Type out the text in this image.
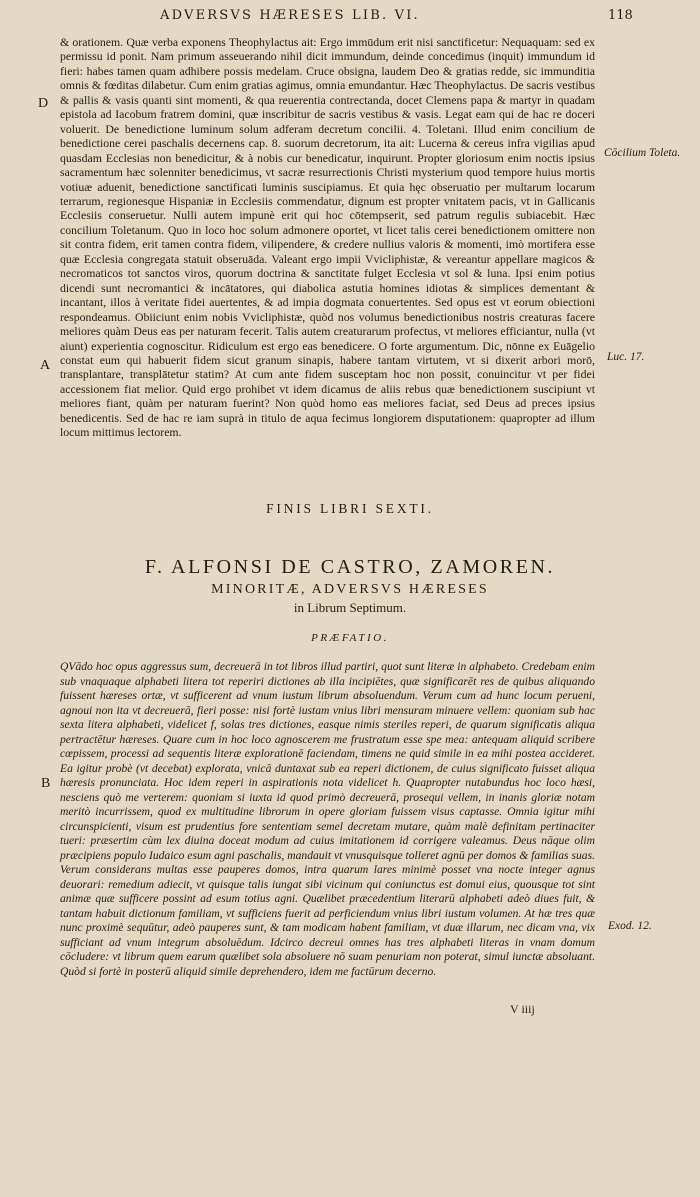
ADVERSVS HÆRESES LIB. VI.	118

& orationem. Quæ verba exponens Theophylactus ait: Ergo immūdum erit nisi sanctificetur: Nequaquam: sed ex permissu id ponit. Nam primum asseuerando nihil dicit immundum, deinde concedimus (inquit) immundum id fieri: habes tamen quam adhibere possis medelam. Cruce obsigna, laudem Deo & gratias redde, sic immunditia omnis & fœditas dilabetur. Cum enim gratias agimus, omnia emundantur. Hæc Theophylactus. De sacris vestibus & pallis & vasis quanti sint momenti, & qua reuerentia contrectanda, docet Clemens papa & martyr in quadam epistola ad Iacobum fratrem domini, quæ inscribitur de sacris vestibus & vasis. Legat eam qui de hac re doceri voluerit. De benedictione luminum solum adferam decretum concilii. 4. Toletani. Illud enim concilium de benedictione cerei paschalis decernens cap. 8. suorum decretorum, ita ait: Lucerna & cereus infra vigilias apud quasdam Ecclesias non benedicitur, & à nobis cur benedicatur, inquirunt. Propter gloriosum enim noctis ipsius sacramentum hæc solenniter benedicimus, vt sacræ resurrectionis Christi mysterium quod tempore huius mortis votiuæ aduenit, benedictione sanctificati luminis suscipiamus. Et quia hęc obseruatio per multarum locarum terrarum, regionesque Hispaniæ in Ecclesiis commendatur, dignum est propter vnitatem pacis, vt in Gallicanis Ecclesiis conseruetur. Nulli autem impunè erit qui hoc cōtempserit, sed patrum regulis subiacebit. Hæc concilium Toletanum. Quo in loco hoc solum admonere oportet, vt licet talis cerei benedictionem omittere non sit contra fidem, erit tamen contra fidem, vilipendere, & credere nullius valoris & momenti, imò mortifera esse quæ Ecclesia congregata statuit obseruāda. Valeant ergo impii Vvicliphistæ, & vereantur appellare magicos & necromaticos tot sanctos viros, quorum doctrina & sanctitate fulget Ecclesia vt sol & luna. Ipsi enim potius dicendi sunt necromantici & incātatores, qui diabolica astutia homines idiotas & simplices dementant & incantant, illos à veritate fidei auertentes, & ad impia dogmata conuertentes. Sed opus est vt eorum obiectioni respondeamus. Obiiciunt enim nobis Vvicliphistæ, quòd nos volumus benedictionibus nostris creaturas facere meliores quàm Deus eas per naturam fecerit. Talis autem creaturarum profectus, vt meliores efficiantur, nulla (vt aiunt) experientia cognoscitur. Ridiculum est ergo eas benedicere. O forte argumentum. Dic, nōnne ex Euāgelio constat eum qui habuerit fidem sicut granum sinapis, habere tantam virtutem, vt si dixerit arbori morō, transplantare, transplātetur statim? At cum ante fidem susceptam hoc non possit, conuincitur vt per fidei accessionem fiat melior. Quid ergo prohibet vt idem dicamus de aliis rebus quæ benedictionem suscipiunt vt meliores fiant, quàm per naturam fuerint? Non quòd homo eas meliores faciat, sed Deus ad preces ipsius benedicentis. Sed de hac re iam suprà in titulo de aqua fecimus longiorem disputationem: quapropter ad illum locum mittimus lectorem.

D
A
B
Cōcilium Toleta.
Luc. 17.
Exod. 12.

FINIS LIBRI SEXTI.

F. ALFONSI DE CASTRO, ZAMOREN.

MINORITÆ, ADVERSVS HÆRESES

in Librum Septimum.

PRÆFATIO.

QVādo hoc opus aggressus sum, decreuerā in tot libros illud partiri, quot sunt literæ in alphabeto. Credebam enim sub vnaquaque alphabeti litera tot reperiri dictiones ab illa incipiētes, quæ significarēt res de quibus aliquando fuissent hæreses ortæ, vt sufficerent ad vnum iustum librum absoluendum. Verum cum ad hunc locum perueni, agnoui non ita vt decreuerā, fieri posse: nisi fortè iustam vnius libri mensuram minuere vellem: quoniam sub hac sexta litera alphabeti, videlicet f, solas tres dictiones, easque nimis steriles reperi, de quarum significatis aliqua pertractētur hæreses. Quare cum in hoc loco agnoscerem me frustratum esse spe mea: antequam aliquid scribere cœpissem, processi ad sequentis literæ explorationē faciendam, timens ne quid simile in ea mihi postea accideret. Ea igitur probè (vt decebat) explorata, vnicā duntaxat sub ea reperi dictionem, de cuius significato fuisset aliqua hæresis pronunciata. Hoc idem reperi in aspirationis nota videlicet h. Quapropter nutabundus hoc loco hæsi, nesciens quò me verterem: quoniam si iuxta id quod primò decreuerā, prosequi vellem, in inanis gloriæ notam meritò incurrissem, quod ex multitudine librorum in opere gloriam fuissem visus captasse. Omnia igitur mihi circunspicienti, visum est prudentius fore sententiam semel decretam mutare, quàm malè definitam pertinaciter tueri: præsertim cùm lex diuina doceat modum ad cuius imitationem id corrigere valeamus. Deus nāque olim præcipiens populo Iudaico esum agni paschalis, mandauit vt vnusquisque tolleret agnū per domos & familias suas. Verum considerans multas esse pauperes domos, intra quarum lares minimè posset vna nocte integer agnus deuorari: remedium adiecit, vt quisque talis iungat sibi vicinum qui coniunctus est domui eius, quousque tot sint animæ quæ sufficere possint ad esum totius agni. Quælibet præcedentium literarū alphabeti adeò diues fuit, & tantam habuit dictionum familiam, vt sufficiens fuerit ad perficiendum vnius libri iustum volumen. At hæ tres quæ nunc proximè sequūtur, adeò pauperes sunt, & tam modicam habent familiam, vt duæ illarum, nec dicam vna, vix sufficiant ad vnum integrum absoluēdum. Idcirco decreui omnes has tres alphabeti literas in vnam domum cōcludere: vt librum quem earum quælibet sola absoluere nō suam penuriam non poterat, simul iunctæ absoluant. Quòd si fortè in posterū aliquid simile deprehendero, idem me factūrum decerno.

V iiij
